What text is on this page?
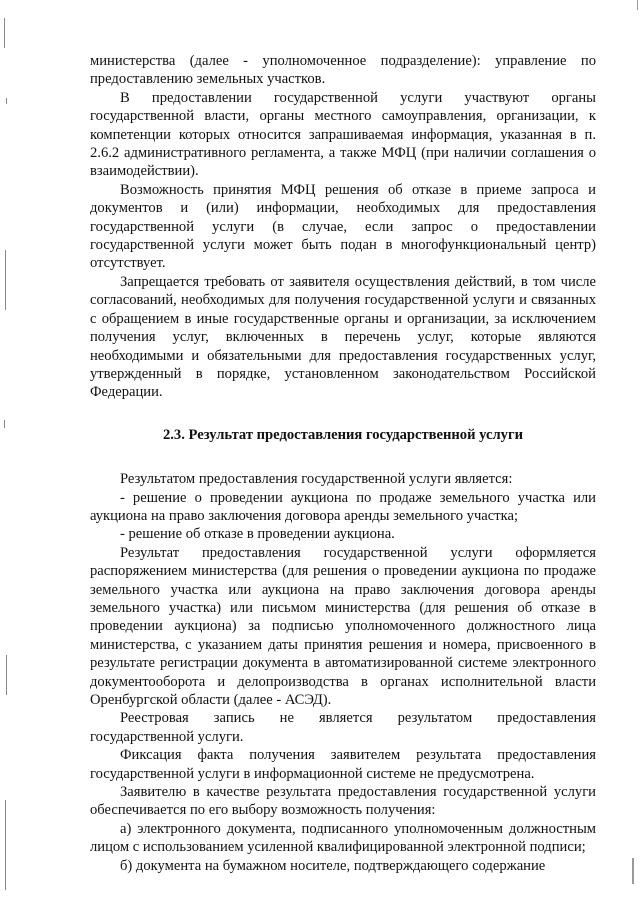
министерства (далее - уполномоченное подразделение): управление по предоставлению земельных участков.

В предоставлении государственной услуги участвуют органы государственной власти, органы местного самоуправления, организации, к компетенции которых относится запрашиваемая информация, указанная в п. 2.6.2 административного регламента, а также МФЦ (при наличии соглашения о взаимодействии).

Возможность принятия МФЦ решения об отказе в приеме запроса и документов и (или) информации, необходимых для предоставления государственной услуги (в случае, если запрос о предоставлении государственной услуги может быть подан в многофункциональный центр) отсутствует.

Запрещается требовать от заявителя осуществления действий, в том числе согласований, необходимых для получения государственной услуги и связанных с обращением в иные государственные органы и организации, за исключением получения услуг, включенных в перечень услуг, которые являются необходимыми и обязательными для предоставления государственных услуг, утвержденный в порядке, установленном законодательством Российской Федерации.

2.3. Результат предоставления государственной услуги

Результатом предоставления государственной услуги является:

- решение о проведении аукциона по продаже земельного участка или аукциона на право заключения договора аренды земельного участка;

- решение об отказе в проведении аукциона.

Результат предоставления государственной услуги оформляется распоряжением министерства (для решения о проведении аукциона по продаже земельного участка или аукциона на право заключения договора аренды земельного участка) или письмом министерства (для решения об отказе в проведении аукциона) за подписью уполномоченного должностного лица министерства, с указанием даты принятия решения и номера, присвоенного в результате регистрации документа в автоматизированной системе электронного документооборота и делопроизводства в органах исполнительной власти Оренбургской области (далее - АСЭД).

Реестровая запись не является результатом предоставления государственной услуги.

Фиксация факта получения заявителем результата предоставления государственной услуги в информационной системе не предусмотрена.

Заявителю в качестве результата предоставления государственной услуги обеспечивается по его выбору возможность получения:

а) электронного документа, подписанного уполномоченным должностным лицом с использованием усиленной квалифицированной электронной подписи;

б) документа на бумажном носителе, подтверждающего содержание
